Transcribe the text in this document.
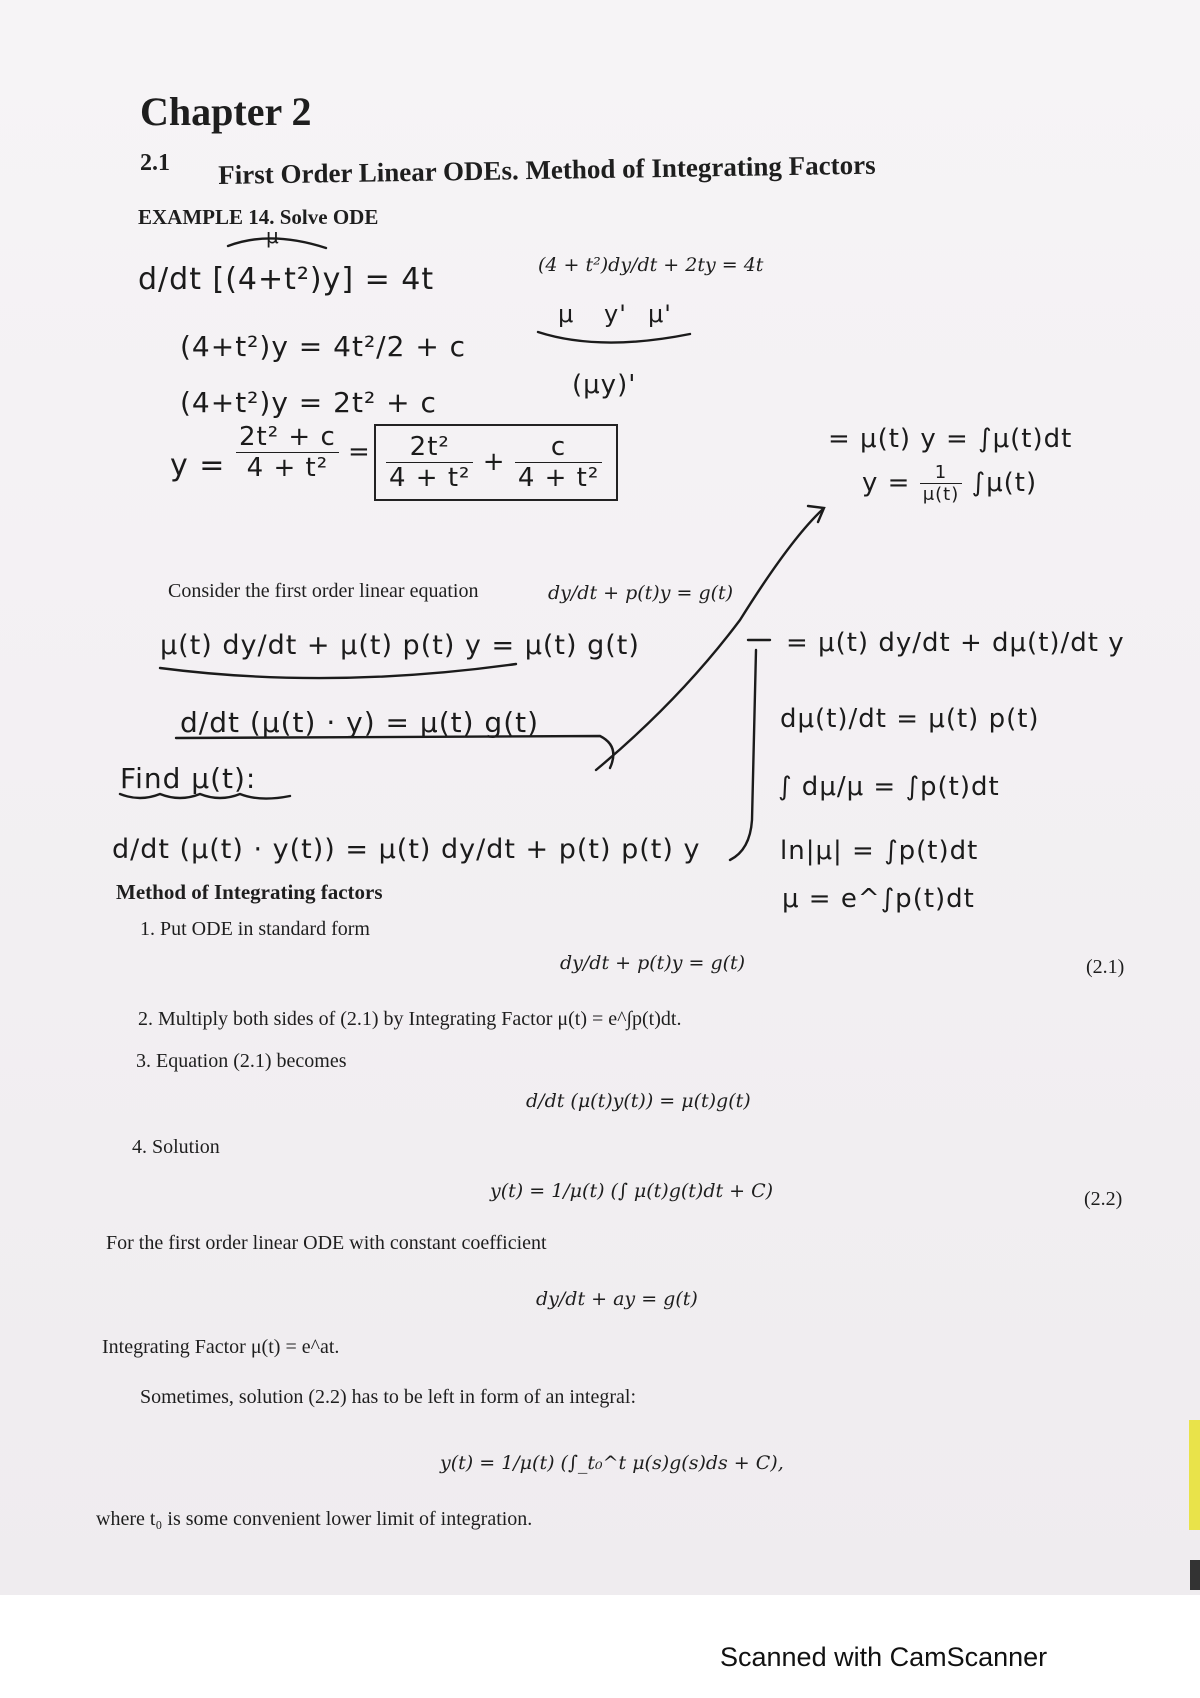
Chapter 2
2.1 First Order Linear ODEs. Method of Integrating Factors
EXAMPLE 14. Solve ODE
μ
(4 + t²)dy/dt + 2ty = 4t
μ y' μ'
(μy)'
d/dt [(4+t²)y] = 4t
(4+t²)y = 4t²/2 + c
(4+t²)y = 2t² + c
$y = \frac{\text{2t² + c}}{\text{4 + t²}} = \frac{\text{2t²}}{\text{4 + t²}} + \frac{c}{\text{4 + t²}}$	= μ(t) y = ∫μ(t)dt
$y = \frac{1}{\mu(t)} \int\mu(t)$
Consider the first order linear equation	dy/dt + p(t)y = g(t)
μ(t) dy/dt + μ(t) p(t) y = μ(t) g(t)
d/dt (μ(t) · y) = μ(t) g(t)
Find μ(t):
d/dt (μ(t) · y(t)) = μ(t) dy/dt + p(t) p(t) y
= μ(t) dy/dt + dμ(t)/dt y
dμ(t)/dt = μ(t) p(t)
∫ dμ/μ = ∫p(t)dt
ln|μ| = ∫p(t)dt
μ = e^∫p(t)dt
Method of Integrating factors
1. Put ODE in standard form
dy/dt + p(t)y = g(t)	(2.1)
2. Multiply both sides of (2.1) by Integrating Factor μ(t) = e^∫p(t)dt.
3. Equation (2.1) becomes
d/dt (μ(t)y(t)) = μ(t)g(t)
4. Solution
y(t) = 1/μ(t) (∫ μ(t)g(t)dt + C)	(2.2)
For the first order linear ODE with constant coefficient
dy/dt + ay = g(t)
Integrating Factor μ(t) = e^at.
Sometimes, solution (2.2) has to be left in form of an integral:
y(t) = 1/μ(t) (∫_t₀^t μ(s)g(s)ds + C),
where t₀ is some convenient lower limit of integration.
Scanned with CamScanner
